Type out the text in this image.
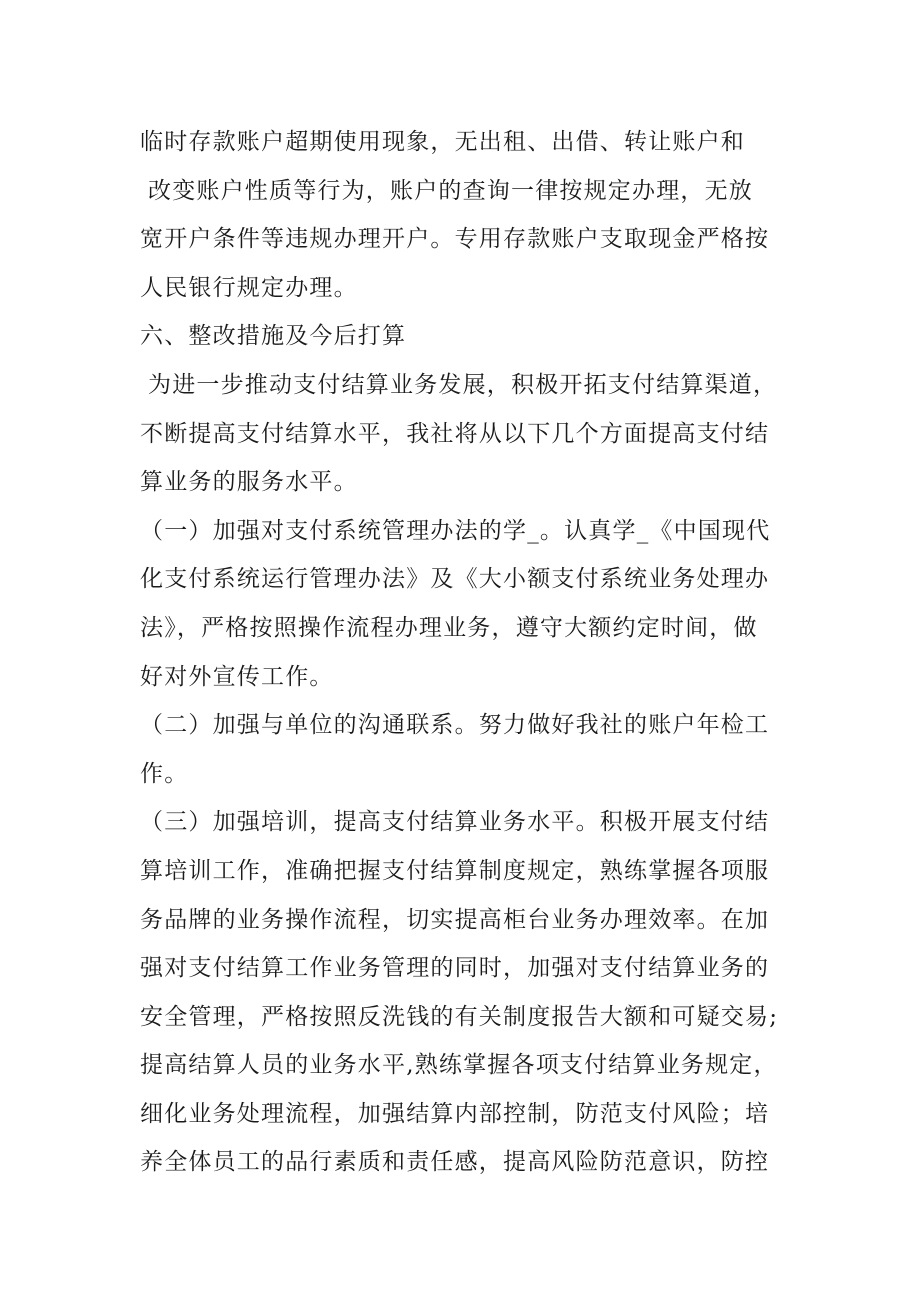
临时存款账户超期使用现象，无出租、出借、转让账户和
改变账户性质等行为，账户的查询一律按规定办理，无放
宽开户条件等违规办理开户。专用存款账户支取现金严格按
人民银行规定办理。
六、整改措施及今后打算
为进一步推动支付结算业务发展，积极开拓支付结算渠道，
不断提高支付结算水平，我社将从以下几个方面提高支付结
算业务的服务水平。
（一）加强对支付系统管理办法的学_。认真学_《中国现代
化支付系统运行管理办法》及《大小额支付系统业务处理办
法》，严格按照操作流程办理业务，遵守大额约定时间，做
好对外宣传工作。
（二）加强与单位的沟通联系。努力做好我社的账户年检工
作。
（三）加强培训，提高支付结算业务水平。积极开展支付结
算培训工作，准确把握支付结算制度规定，熟练掌握各项服
务品牌的业务操作流程，切实提高柜台业务办理效率。在加
强对支付结算工作业务管理的同时，加强对支付结算业务的
安全管理，严格按照反洗钱的有关制度报告大额和可疑交易;
提高结算人员的业务水平,熟练掌握各项支付结算业务规定，
细化业务处理流程，加强结算内部控制，防范支付风险；培
养全体员工的品行素质和责任感，提高风险防范意识，防控
